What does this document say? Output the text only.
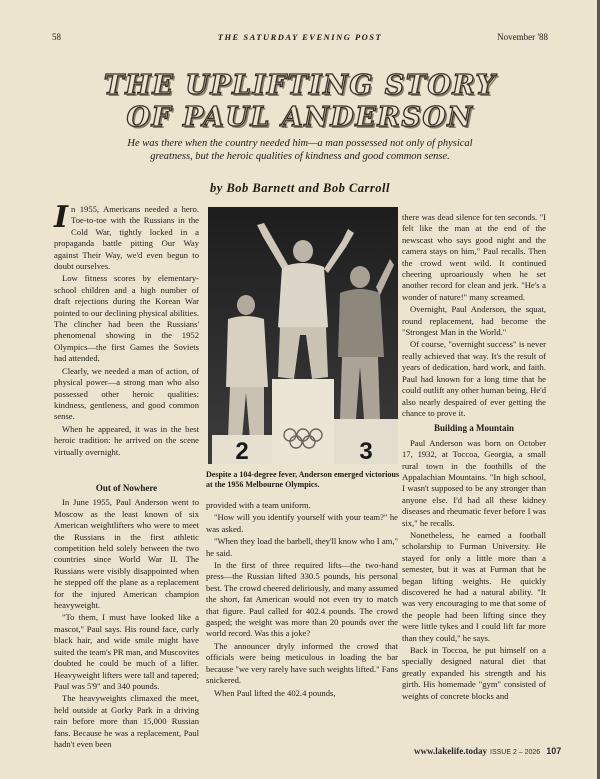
58	THE SATURDAY EVENING POST	November '88
THE UPLIFTING STORY
OF PAUL ANDERSON
He was there when the country needed him—a man possessed not only of physical greatness, but the heroic qualities of kindness and good common sense.
by Bob Barnett and Bob Carroll

In 1955, Americans needed a hero. Toe-to-toe with the Russians in the Cold War, tightly locked in a propaganda battle pitting Our Way against Their Way, we'd even begun to doubt ourselves.

Low fitness scores by elementary-school children and a high number of draft rejections during the Korean War pointed to our declining physical abilities. The clincher had been the Russians' phenomenal showing in the 1952 Olympics—the first Games the Soviets had attended.

Clearly, we needed a man of action, of physical power—a strong man who also possessed other heroic qualities: kindness, gentleness, and good common sense.

When he appeared, it was in the best heroic tradition: he arrived on the scene virtually overnight.

Out of Nowhere

In June 1955, Paul Anderson went to Moscow as the least known of six American weightlifters who were to meet the Russians in the first athletic competition held solely between the two countries since World War II. The Russians were visibly disappointed when he stepped off the plane as a replacement for the injured American champion heavyweight.

"To them, I must have looked like a mascot," Paul says. His round face, curly black hair, and wide smile might have suited the team's PR man, and Muscovites doubted he could be much of a lifter. Heavyweight lifters were tall and tapered; Paul was 5'9" and 340 pounds.

The heavyweights climaxed the meet, held outside at Gorky Park in a driving rain before more than 15,000 Russian fans. Because he was a replacement, Paul hadn't even been

2	3
Despite a 104-degree fever, Anderson emerged victorious at the 1956 Melbourne Olympics.

provided with a team uniform.

"How will you identify yourself with your team?" he was asked.

"When they load the barbell, they'll know who I am," he said.

In the first of three required lifts—the two-hand press—the Russian lifted 330.5 pounds, his personal best. The crowd cheered deliriously, and many assumed the short, fat American would not even try to match that figure. Paul called for 402.4 pounds. The crowd gasped; the weight was more than 20 pounds over the world record. Was this a joke?

The announcer dryly informed the crowd that officials were being meticulous in loading the bar because "we very rarely have such weights lifted." Fans snickered.

When Paul lifted the 402.4 pounds,

there was dead silence for ten seconds. "I felt like the man at the end of the newscast who says good night and the camera stays on him," Paul recalls. Then the crowd went wild. It continued cheering uproariously when he set another record for clean and jerk. "He's a wonder of nature!" many screamed.

Overnight, Paul Anderson, the squat, round replacement, had become the "Strongest Man in the World."

Of course, "overnight success" is never really achieved that way. It's the result of years of dedication, hard work, and faith. Paul had known for a long time that he could outlift any other human being. He'd also nearly despaired of ever getting the chance to prove it.

Building a Mountain

Paul Anderson was born on October 17, 1932, at Toccoa, Georgia, a small rural town in the foothills of the Appalachian Mountains. "In high school, I wasn't supposed to be any stronger than anyone else. I'd had all these kidney diseases and rheumatic fever before I was six," he recalls.

Nonetheless, he earned a football scholarship to Furman University. He stayed for only a little more than a semester, but it was at Furman that he began lifting weights. He quickly discovered he had a natural ability. "It was very encouraging to me that some of the people had been lifting since they were little tykes and I could lift far more than they could," he says.

Back in Toccoa, he put himself on a specially designed natural diet that greatly expanded his strength and his girth. His homemade "gym" consisted of weights of concrete blocks and

www.lakelife.today ISSUE 2 – 2026 107
